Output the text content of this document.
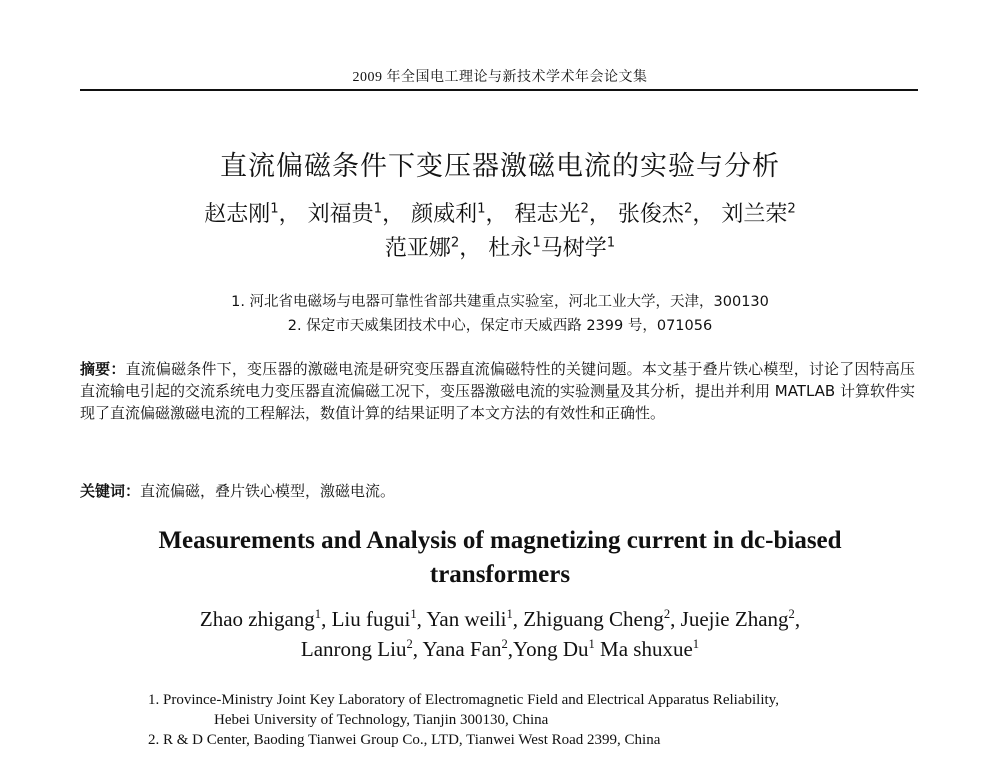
2009 年全国电工理论与新技术学术年会论文集
直流偏磁条件下变压器激磁电流的实验与分析
赵志刚$^1$， 刘福贵$^1$， 颜威利$^1$， 程志光$^2$， 张俊杰$^2$， 刘兰荣$^2$
范亚娜$^2$， 杜永$^1$马树学$^1$
1. 河北省电磁场与电器可靠性省部共建重点实验室，河北工业大学，天津，300130
2. 保定市天威集团技术中心，保定市天威西路 2399 号，071056
摘要：直流偏磁条件下，变压器的激磁电流是研究变压器直流偏磁特性的关键问题。本文基于叠片铁心模型，讨论了因特高压直流输电引起的交流系统电力变压器直流偏磁工况下，变压器激磁电流的实验测量及其分析，提出并利用 MATLAB 计算软件实现了直流偏磁激磁电流的工程解法，数值计算的结果证明了本文方法的有效性和正确性。
关键词：直流偏磁，叠片铁心模型，激磁电流。
Measurements and Analysis of magnetizing current in dc-biased
transformers
Zhao zhigang$^1$, Liu fugui$^1$, Yan weili$^1$, Zhiguang Cheng$^2$, Juejie Zhang$^2$,
Lanrong Liu$^2$, Yana Fan$^2$,Yong Du$^1$ Ma shuxue$^1$
1. Province-Ministry Joint Key Laboratory of Electromagnetic Field and Electrical Apparatus Reliability,
Hebei University of Technology, Tianjin 300130, China
2. R & D Center, Baoding Tianwei Group Co., LTD, Tianwei West Road 2399, China
